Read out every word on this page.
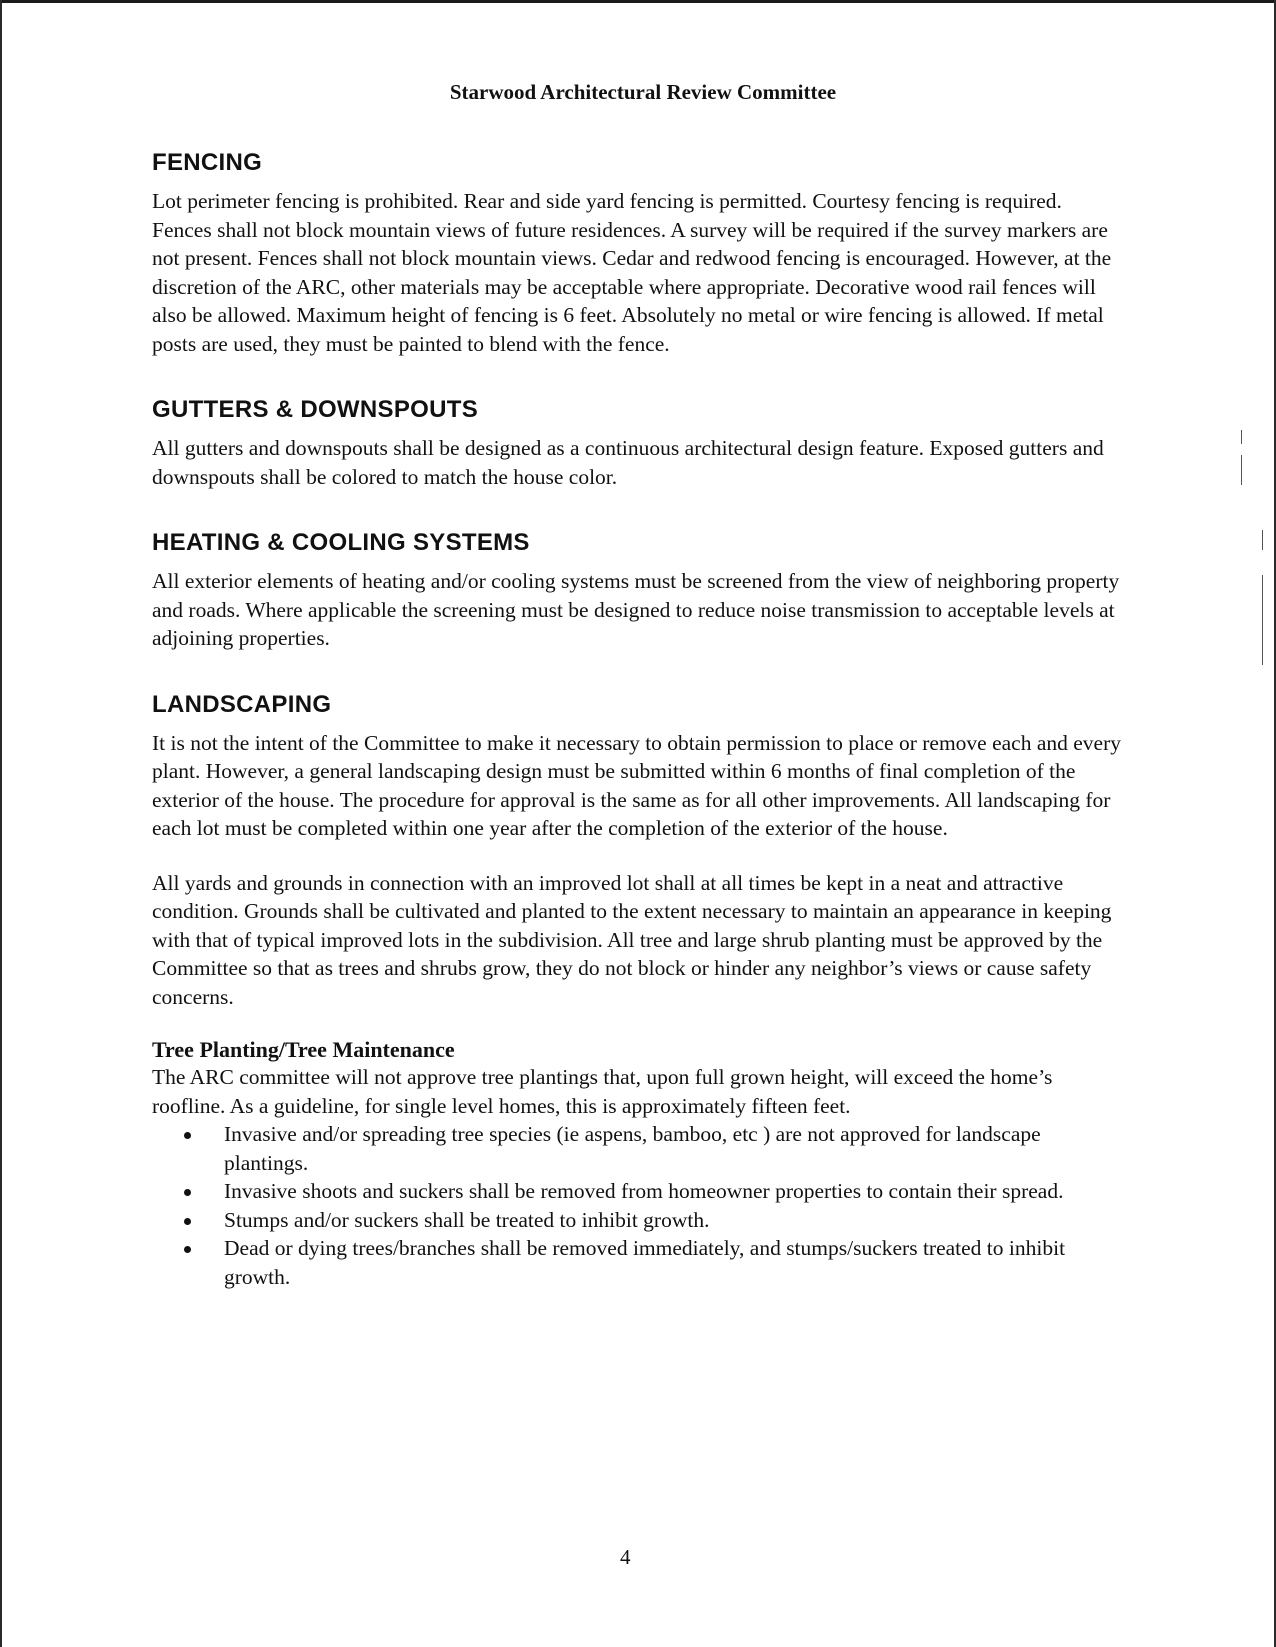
Starwood Architectural Review Committee
FENCING

Lot perimeter fencing is prohibited. Rear and side yard fencing is permitted. Courtesy fencing is required. Fences shall not block mountain views of future residences. A survey will be required if the survey markers are not present. Fences shall not block mountain views. Cedar and redwood fencing is encouraged. However, at the discretion of the ARC, other materials may be acceptable where appropriate. Decorative wood rail fences will also be allowed. Maximum height of fencing is 6 feet. Absolutely no metal or wire fencing is allowed. If metal posts are used, they must be painted to blend with the fence.

GUTTERS & DOWNSPOUTS

All gutters and downspouts shall be designed as a continuous architectural design feature. Exposed gutters and downspouts shall be colored to match the house color.

HEATING & COOLING SYSTEMS

All exterior elements of heating and/or cooling systems must be screened from the view of neighboring property and roads. Where applicable the screening must be designed to reduce noise transmission to acceptable levels at adjoining properties.

LANDSCAPING

It is not the intent of the Committee to make it necessary to obtain permission to place or remove each and every plant. However, a general landscaping design must be submitted within 6 months of final completion of the exterior of the house. The procedure for approval is the same as for all other improvements. All landscaping for each lot must be completed within one year after the completion of the exterior of the house.

All yards and grounds in connection with an improved lot shall at all times be kept in a neat and attractive condition. Grounds shall be cultivated and planted to the extent necessary to maintain an appearance in keeping with that of typical improved lots in the subdivision. All tree and large shrub planting must be approved by the Committee so that as trees and shrubs grow, they do not block or hinder any neighbor’s views or cause safety concerns.

Tree Planting/Tree Maintenance

The ARC committee will not approve tree plantings that, upon full grown height, will exceed the home’s roofline. As a guideline, for single level homes, this is approximately fifteen feet.

Invasive and/or spreading tree species (ie aspens, bamboo, etc ) are not approved for landscape plantings.
Invasive shoots and suckers shall be removed from homeowner properties to contain their spread.
Stumps and/or suckers shall be treated to inhibit growth.
Dead or dying trees/branches shall be removed immediately, and stumps/suckers treated to inhibit growth.
4
